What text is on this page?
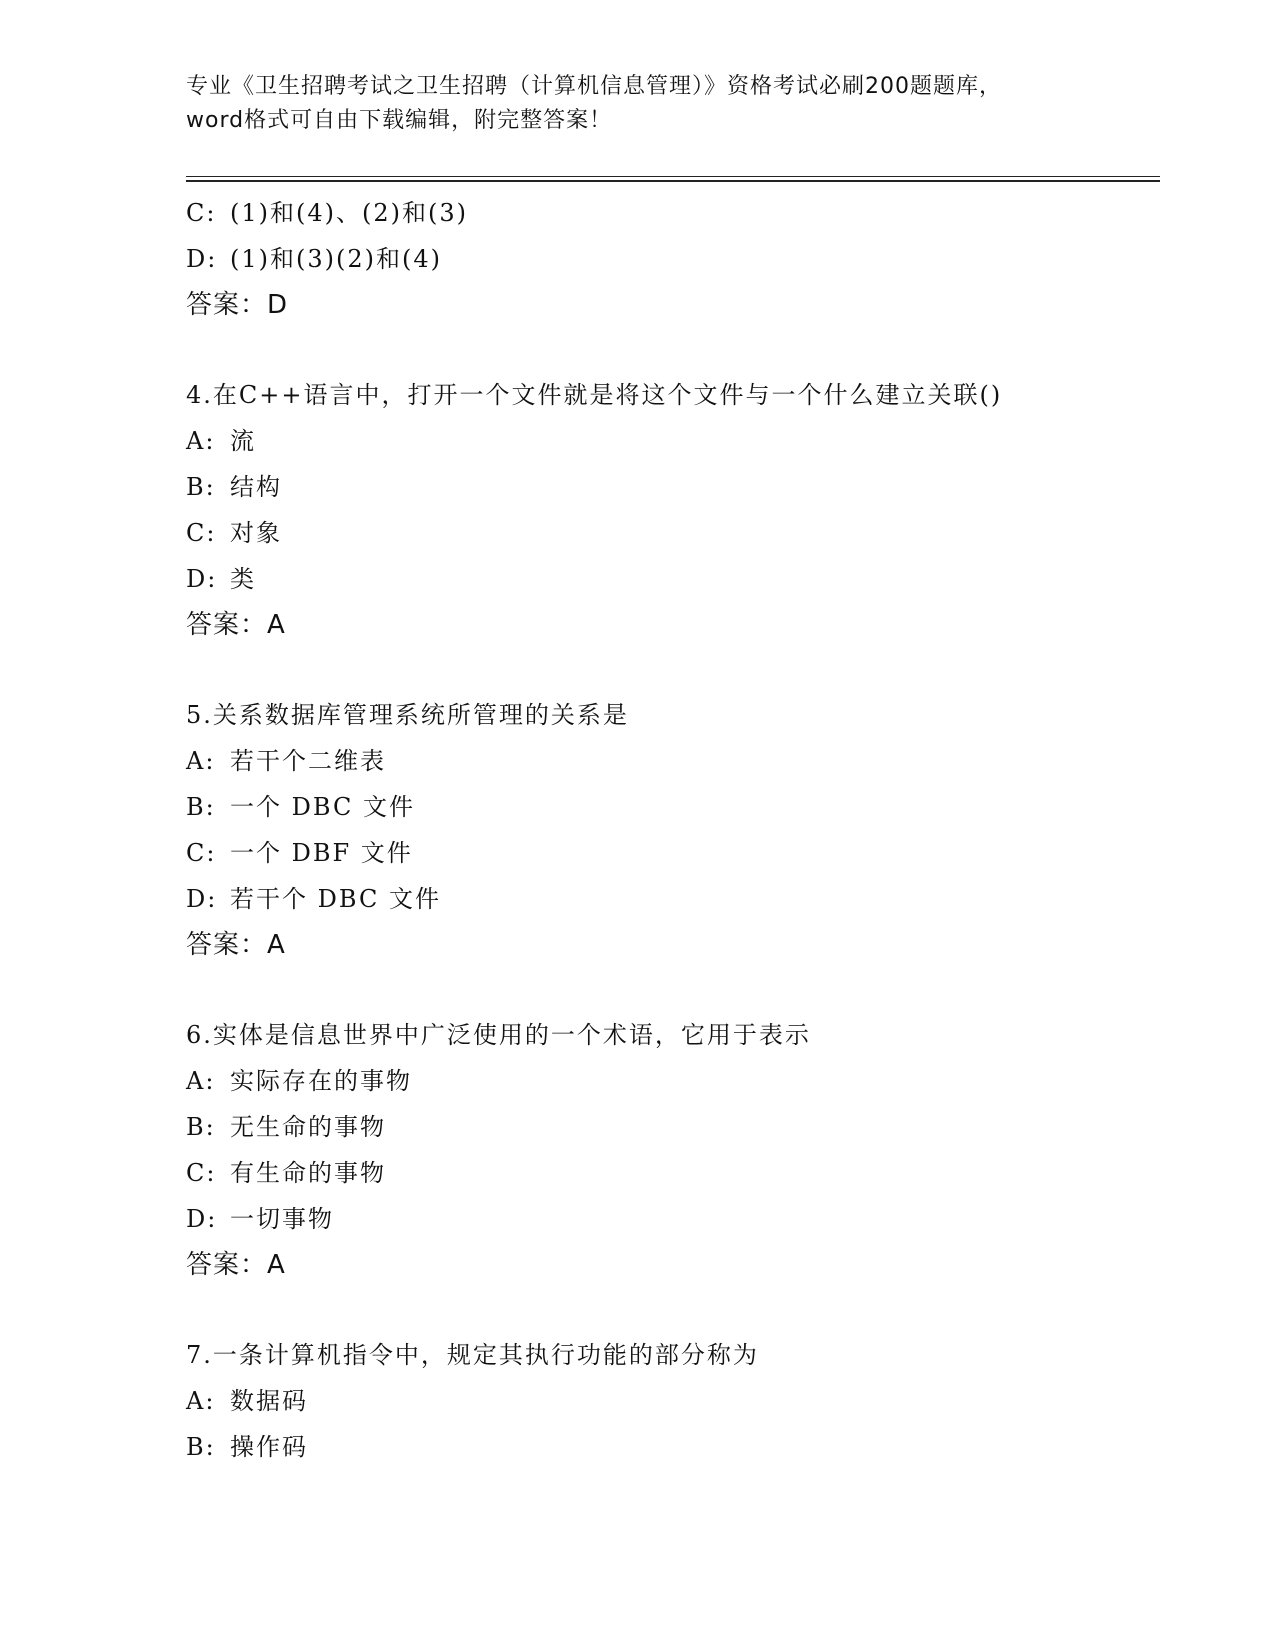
专业《卫生招聘考试之卫生招聘（计算机信息管理）》资格考试必刷200题题库，
word格式可自由下载编辑，附完整答案！
C: (1)和(4)、(2)和(3)
D: (1)和(3)(2)和(4)
答案：D
4.在C++语言中，打开一个文件就是将这个文件与一个什么建立关联()
A: 流
B: 结构
C: 对象
D: 类
答案：A
5.关系数据库管理系统所管理的关系是
A: 若干个二维表
B: 一个 DBC 文件
C: 一个 DBF 文件
D: 若干个 DBC 文件
答案：A
6.实体是信息世界中广泛使用的一个术语，它用于表示
A: 实际存在的事物
B: 无生命的事物
C: 有生命的事物
D: 一切事物
答案：A
7.一条计算机指令中，规定其执行功能的部分称为
A: 数据码
B: 操作码
